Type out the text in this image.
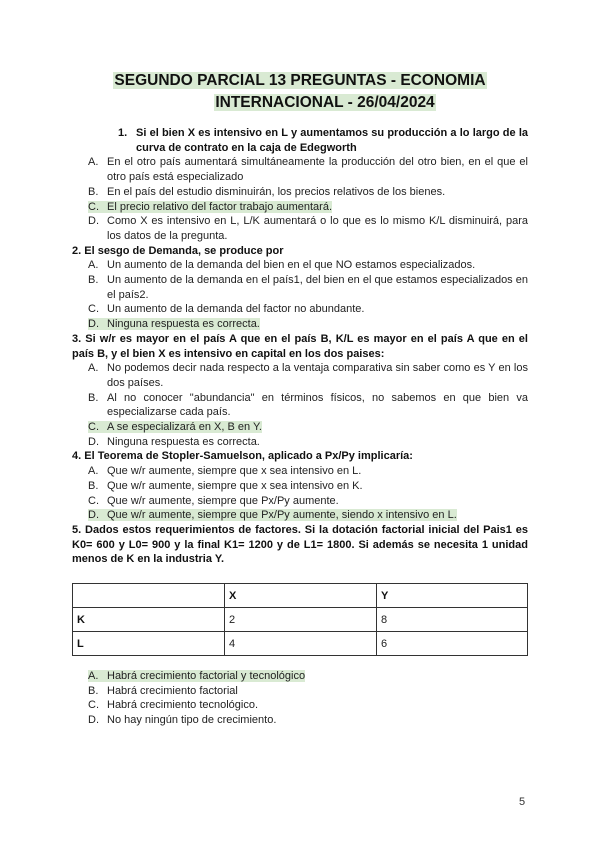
SEGUNDO PARCIAL 13 PREGUNTAS - ECONOMIA
INTERNACIONAL - 26/04/2024
1. Si el bien X es intensivo en L y aumentamos su producción a lo largo de la curva de contrato en la caja de Edegworth
A. En el otro país aumentará simultáneamente la producción del otro bien, en el que el otro país está especializado
B. En el país del estudio disminuirán, los precios relativos de los bienes.
C. El precio relativo del factor trabajo aumentará.
D. Como X es intensivo en L, L/K aumentará o lo que es lo mismo K/L disminuirá, para los datos de la pregunta.
2. El sesgo de Demanda, se produce por
A. Un aumento de la demanda del bien en el que NO estamos especializados.
B. Un aumento de la demanda en el país1, del bien en el que estamos especializados en el país2.
C. Un aumento de la demanda del factor no abundante.
D. Ninguna respuesta es correcta.
3. Si w/r es mayor en el país A que en el país B, K/L es mayor en el país A que en el país B, y el bien X es intensivo en capital en los dos paises:
A. No podemos decir nada respecto a la ventaja comparativa sin saber como es Y en los dos países.
B. Al no conocer "abundancia" en términos físicos, no sabemos en que bien va especializarse cada país.
C. A se especializará en X, B en Y.
D. Ninguna respuesta es correcta.
4. El Teorema de Stopler-Samuelson, aplicado a Px/Py implicaría:
A. Que w/r aumente, siempre que x sea intensivo en L.
B. Que w/r aumente, siempre que x sea intensivo en K.
C. Que w/r aumente, siempre que Px/Py aumente.
D. Que w/r aumente, siempre que Px/Py aumente, siendo x intensivo en L.
5. Dados estos requerimientos de factores. Si la dotación factorial inicial del Pais1 es K0= 600 y L0= 900 y la final K1= 1200 y de L1= 1800. Si además se necesita 1 unidad menos de K en la industria Y.
	X	Y
K	2	8
L	4	6
A. Habrá crecimiento factorial y tecnológico
B. Habrá crecimiento factorial
C. Habrá crecimiento tecnológico.
D. No hay ningún tipo de crecimiento.
5
